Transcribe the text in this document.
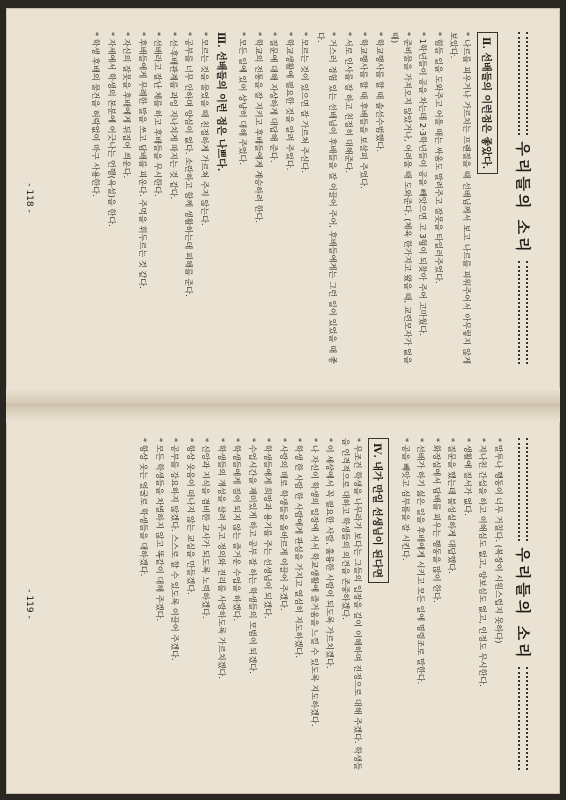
우리들의 소리
Ⅱ. 선배들의 이런점은 좋았다.

* 나르를 피우거나 가르치는 프랜절을 때 선배님께서 보고 나르를 피워주어서 아무렇지 않게 보았다.

* 힘들 일을 도와주고 어울 때는 싸움도 말려주고 잘못을 타일러주었다.

* 1학년들이 공을 차는데 2·3학년들이 공을 빼앗으면 고 3형이 되찾아 주어 고마웠다.

* 준비물을 가져오지 않았거나, 어려울 때 도와준다. (체육 한가지고 왔을 때, 교련모자가 없을 때)

* 학교행사를 할 때 솔선수범했다.

* 학교행사를 할 때 후배들을 보살펴 주었다.

* 서로 인사를 잘 하고 친절히 대해준다.

* 거스러 경험 있는 선배님이 후배들을 잘 이끌어 주어, 후배들에게는 그런 일이 있었을 때 좋다.

* 모르는 것이 있으면 잘 가르쳐 주신다.

* 학교생활에 필요한 것을 알려 주었다.

* 질문에 대해 자상하게 대답해 준다.

* 학교의 전통을 잘 지키고 후배들에게 계승하려 한다.

* 모든 일에 있어 상냥히 대해 주었다.

Ⅲ. 선배들의 이런 점은 나쁘다.

* 모르는 것을 물었을 때 친절하게 가르쳐 주지 않는다.

* 공부를 너무 안하며 양심이 없다. 소란하고 함께 생활하는데 피해를 준다.

* 선·후배관계를 과잉 지나치게 따지는 것 같다.

* 선배라고 잘난 체를 하고 후배들을 무시한다.

* 후배들에게 무례한 말을 쓰고 담배를 피운다. 주먹을 휘두르는 것 같다.

* 자신의 잘못을 후배에게 뒤집어 씌운다.

* 자세에서 학생의 본분에 어긋나는 언행(욕설)을 한다.

* 학생 후배의 물건을 허락없이 마구 사용한다.

- 118 -
우리들의 소리

* 말투나 행동이 너무 거칠다. (복장이 시원스럽지 못하다)

* 지나친 간섭을 하고 이해심도 없고, 양보심도 없고, 인정도 무시한다.

* 생활에 질서가 없다.

* 질문을 했는데 불성실하게 대답했다.

* 화장실에서 담배를 피우는 행동을 많이 한다.

* 선배가 하기 싫은 일을 후배에게 시키고 모든 일에 명령조로 말한다.

* 공을 빼앗고 심부름을 잘 시킨다.

Ⅳ. 내가 만일 선생님이 된다면

* 무조건 학생을 나무라기 보다는 그들의 입장을 깊이 이해하며 진정으로 대해 주겠다. 학생들을 인격적으로 대하고 학생들의 의견을 존중하겠다.

* 이 세상에서 꼭 필요한 사람, 훌륭한 사람이 되도록 가르치겠다.

* 나 자신이 학생의 입장에 서서 학교생활에 즐거움을 느낄 수 있도록 지도하겠다.

* 학생 한 사람 한 사람에게 관심을 가지고 열심히 지도하겠다.

* 사랑의 매로 학생들을 올바르게 이끌어 주겠다.

* 학생들에게 희망과 용기를 주는 선생님이 되겠다.

* 수업시간을 재미있게 하고 공부 잘 하는 학생들의 모범이 되겠다.

* 학생들에게 짐이 되지 않는 즐거운 수업을 하겠다.

* 학생들의 개성을 살려 주고 정의와 진리를 사랑하도록 가르치겠다.

* 신앙과 지식을 겸비한 교사가 되도록 노력하겠다.

* 항상 웃음이 떠나지 않는 교실을 만들겠다.

* 공부를 강요하지 않겠다. 스스로 할 수 있도록 이끌어 주겠다.

* 모든 학생들을 차별하지 않고 똑같이 대해 주겠다.

* 항상 웃는 얼굴로 학생들을 대하겠다.

- 119 -
